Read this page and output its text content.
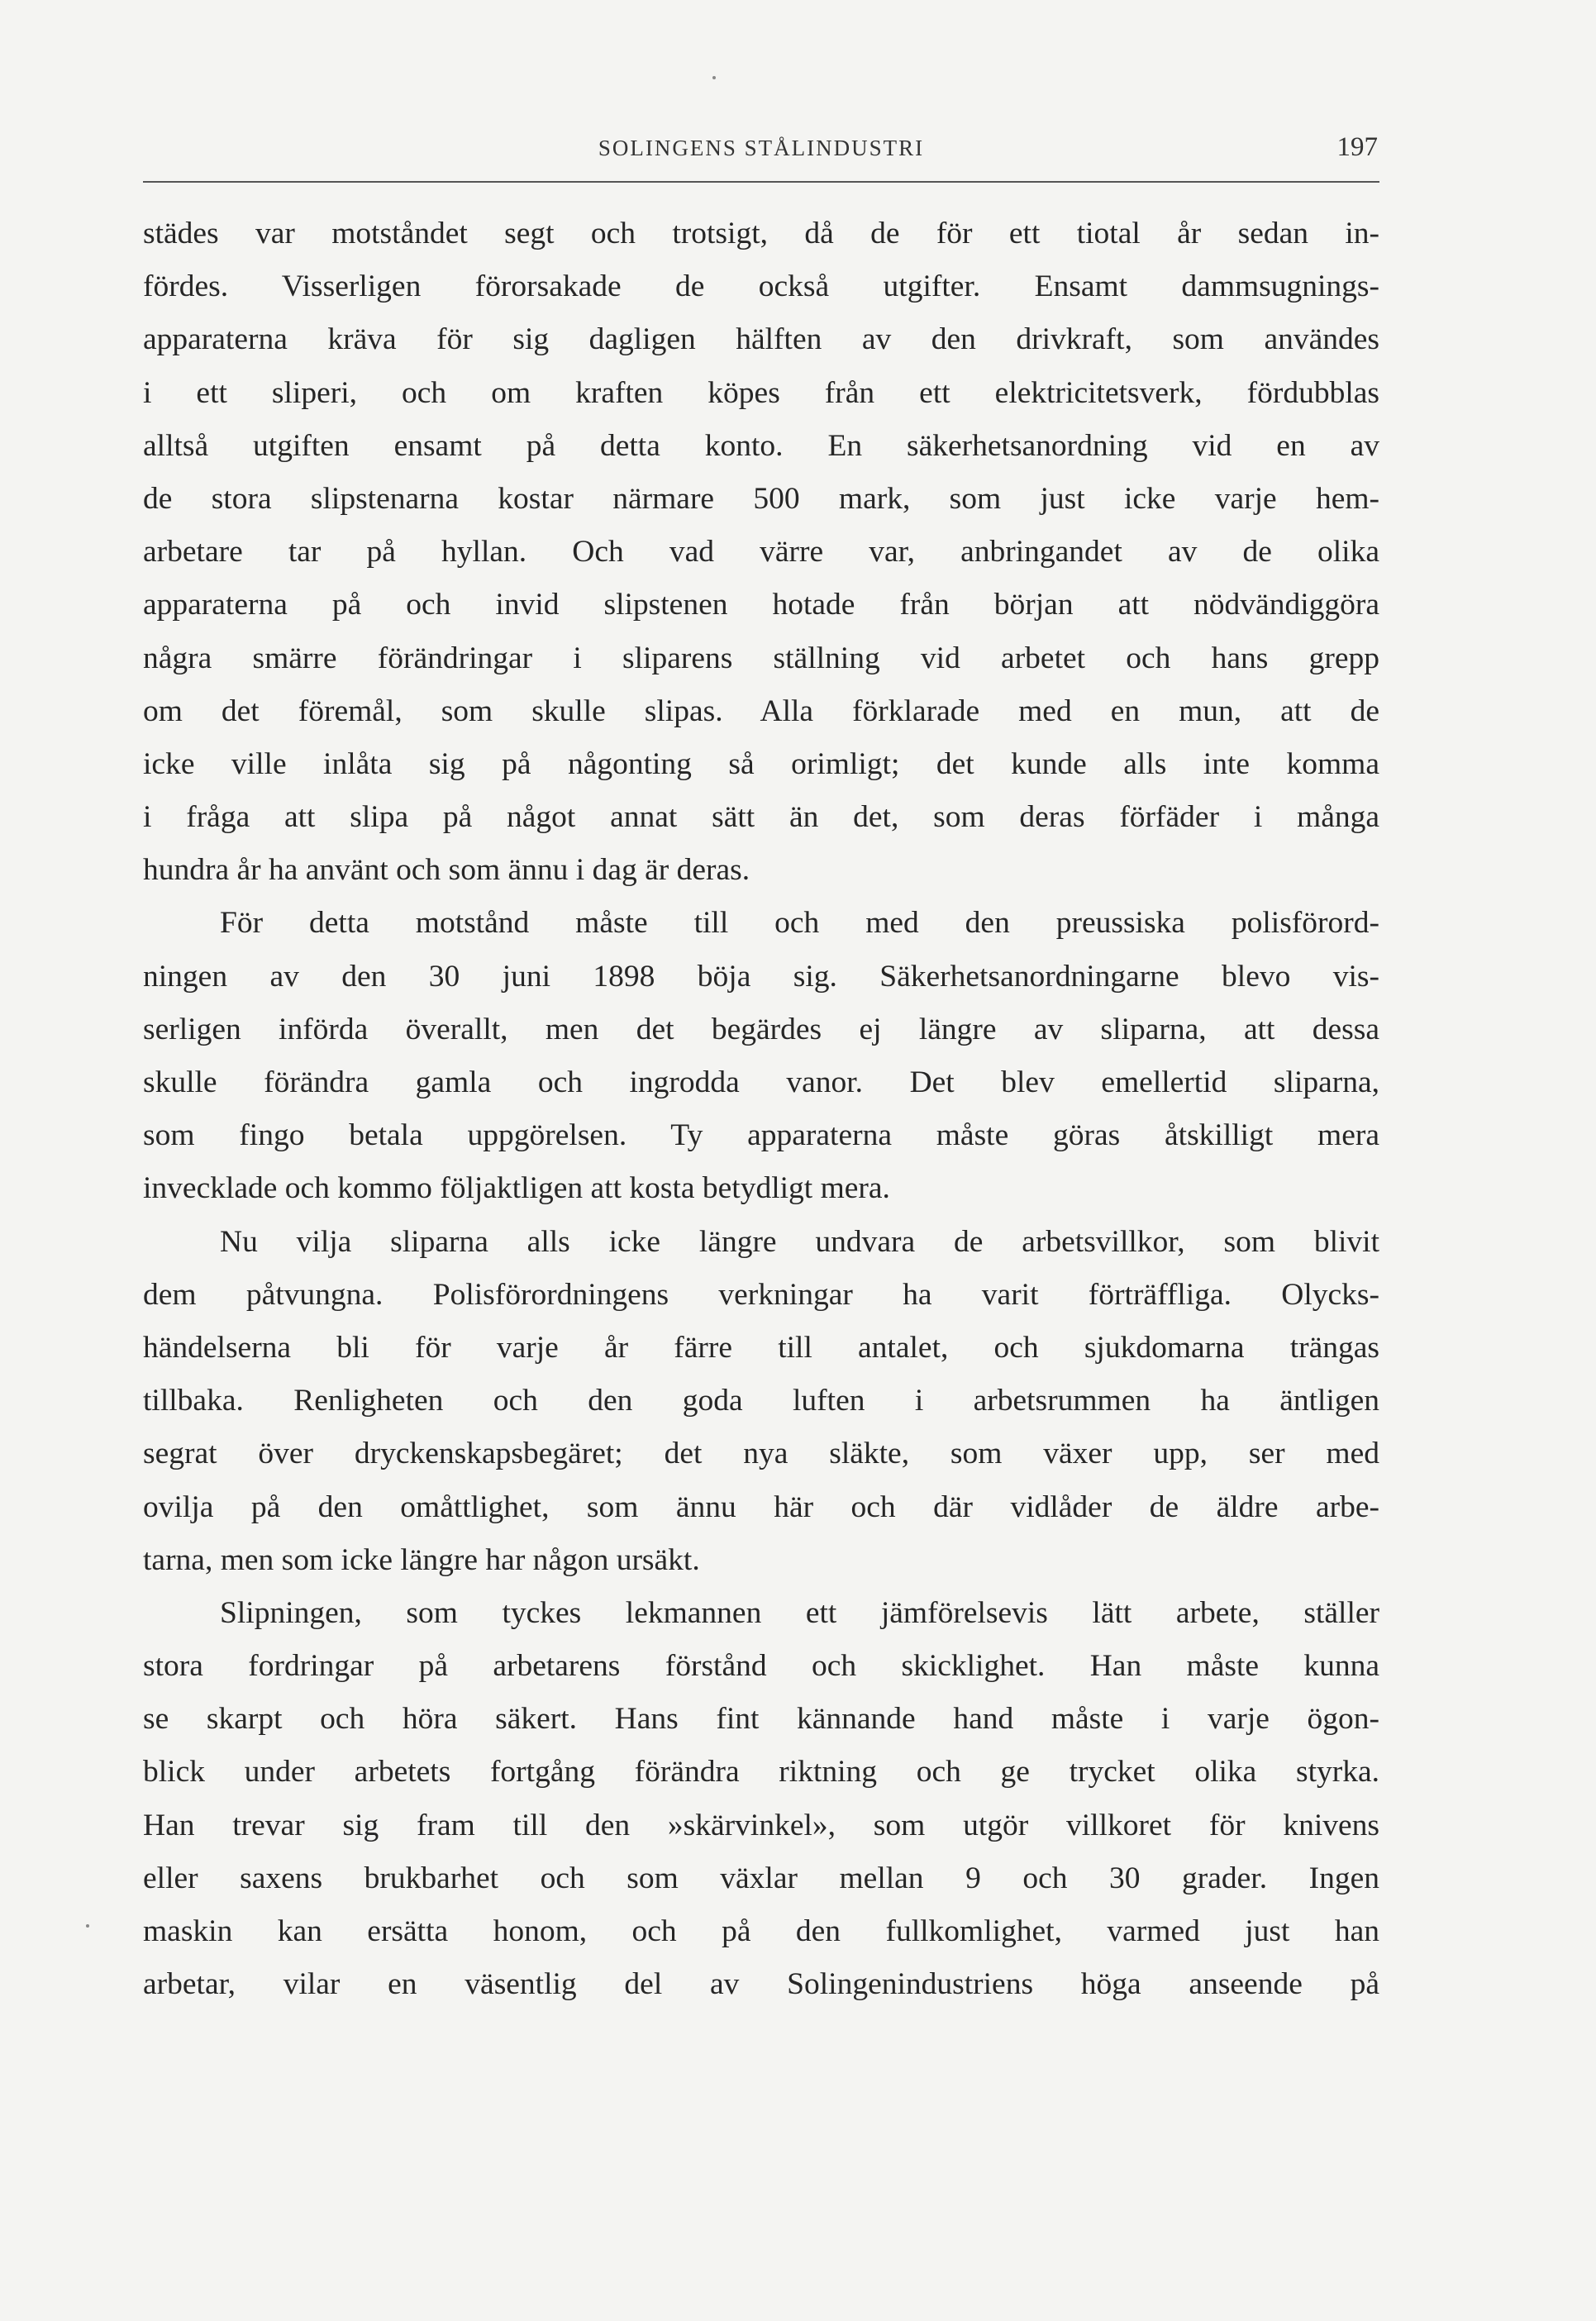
SOLINGENS STÅLINDUSTRI	197
städes var motståndet segt och trotsigt, då de för ett tiotal år sedan in-
fördes. Visserligen förorsakade de också utgifter. Ensamt dammsugnings-
apparaterna kräva för sig dagligen hälften av den drivkraft, som användes
i ett sliperi, och om kraften köpes från ett elektricitetsverk, fördubblas
alltså utgiften ensamt på detta konto. En säkerhetsanordning vid en av
de stora slipstenarna kostar närmare 500 mark, som just icke varje hem-
arbetare tar på hyllan. Och vad värre var, anbringandet av de olika
apparaterna på och invid slipstenen hotade från början att nödvändiggöra
några smärre förändringar i sliparens ställning vid arbetet och hans grepp
om det föremål, som skulle slipas. Alla förklarade med en mun, att de
icke ville inlåta sig på någonting så orimligt; det kunde alls inte komma
i fråga att slipa på något annat sätt än det, som deras förfäder i många
hundra år ha använt och som ännu i dag är deras.
För detta motstånd måste till och med den preussiska polisförord-
ningen av den 30 juni 1898 böja sig. Säkerhetsanordningarne blevo vis-
serligen införda överallt, men det begärdes ej längre av sliparna, att dessa
skulle förändra gamla och ingrodda vanor. Det blev emellertid sliparna,
som fingo betala uppgörelsen. Ty apparaterna måste göras åtskilligt mera
invecklade och kommo följaktligen att kosta betydligt mera.
Nu vilja sliparna alls icke längre undvara de arbetsvillkor, som blivit
dem påtvungna. Polisförordningens verkningar ha varit förträffliga. Olycks-
händelserna bli för varje år färre till antalet, och sjukdomarna trängas
tillbaka. Renligheten och den goda luften i arbetsrummen ha äntligen
segrat över dryckenskapsbegäret; det nya släkte, som växer upp, ser med
ovilja på den omåttlighet, som ännu här och där vidlåder de äldre arbe-
tarna, men som icke längre har någon ursäkt.
Slipningen, som tyckes lekmannen ett jämförelsevis lätt arbete, ställer
stora fordringar på arbetarens förstånd och skicklighet. Han måste kunna
se skarpt och höra säkert. Hans fint kännande hand måste i varje ögon-
blick under arbetets fortgång förändra riktning och ge trycket olika styrka.
Han trevar sig fram till den »skärvinkel», som utgör villkoret för knivens
eller saxens brukbarhet och som växlar mellan 9 och 30 grader. Ingen
maskin kan ersätta honom, och på den fullkomlighet, varmed just han
arbetar, vilar en väsentlig del av Solingenindustriens höga anseende på
